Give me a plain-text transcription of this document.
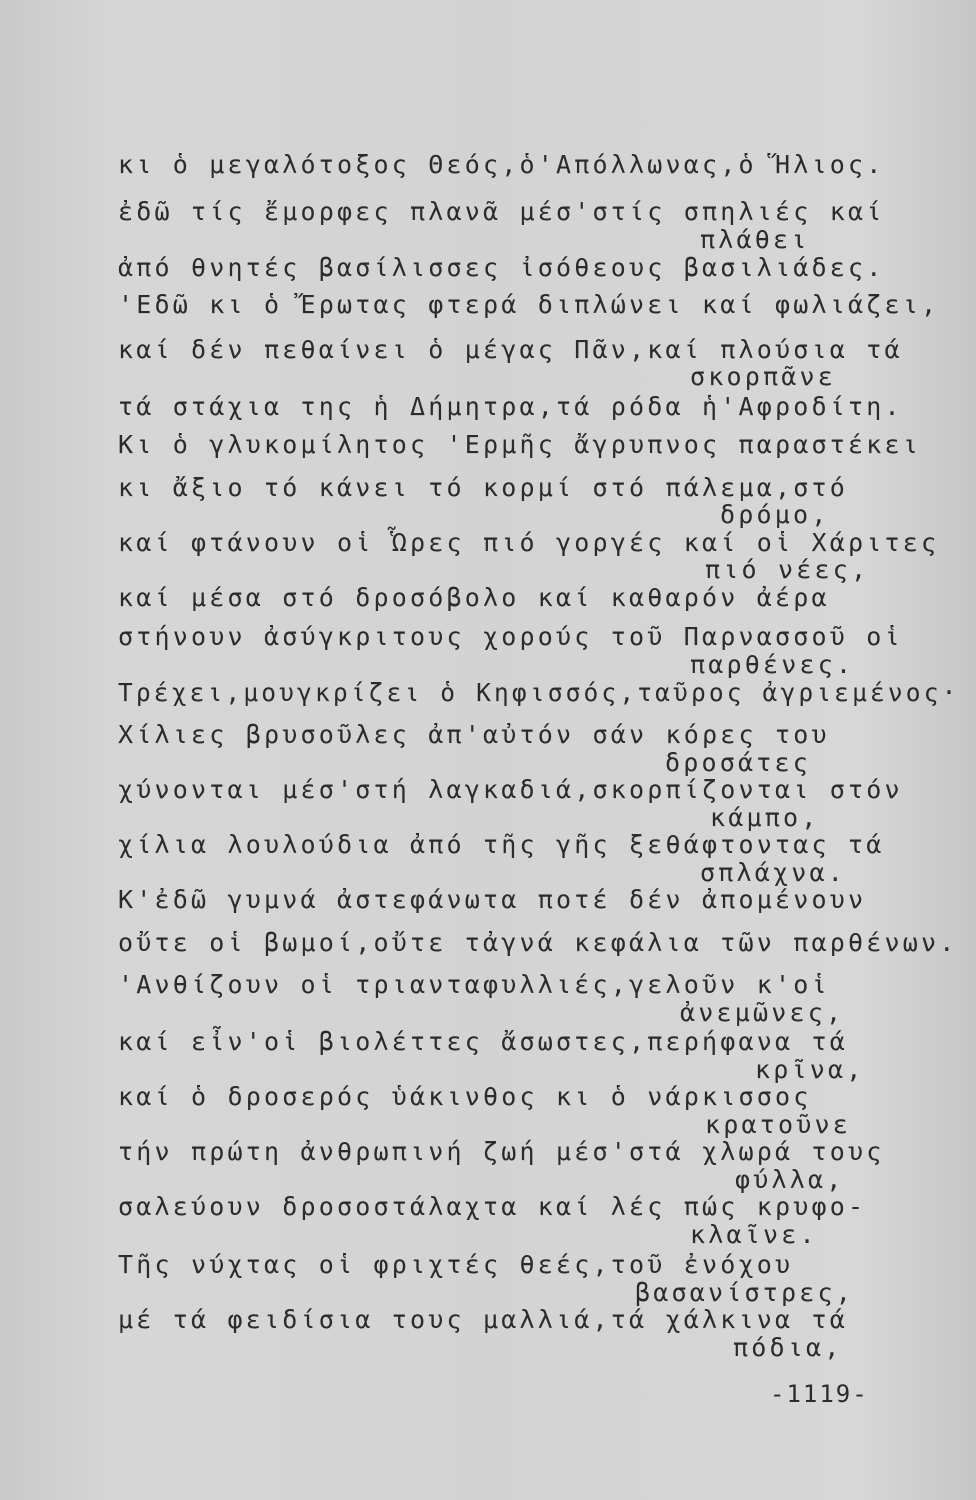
κι ὁ μεγαλότοξος Θεός,ὁ'Απόλλωνας,ὁ Ἥλιος.
ἐδῶ τίς ἔμορφες πλανᾶ μέσ'στίς σπηλιές καί
πλάθει
ἀπό θνητές βασίλισσες ἰσόθεους βασιλιάδες.
'Εδῶ κι ὁ Ἔρωτας φτερά διπλώνει καί φωλιάζει,
καί δέν πεθαίνει ὁ μέγας Πᾶν,καί πλούσια τά
σκορπᾶνε
τά στάχια της ἡ Δήμητρα,τά ρόδα ἡ'Αφροδίτη.
Κι ὁ γλυκομίλητος 'Ερμῆς ἄγρυπνος παραστέκει
κι ἄξιο τό κάνει τό κορμί στό πάλεμα,στό
δρόμο,
καί φτάνουν οἱ Ὧρες πιό γοργές καί οἱ Χάριτες
πιό νέες,
καί μέσα στό δροσόβολο καί καθαρόν ἀέρα
στήνουν ἀσύγκριτους χορούς τοῦ Παρνασσοῦ οἱ
παρθένες.
Τρέχει,μουγκρίζει ὁ Κηφισσός,ταῦρος ἀγριεμένος·
Χίλιες βρυσοῦλες ἀπ'αὐτόν σάν κόρες του
δροσάτες
χύνονται μέσ'στή λαγκαδιά,σκορπίζονται στόν
κάμπο,
χίλια λουλούδια ἀπό τῆς γῆς ξεθάφτοντας τά
σπλάχνα.
Κ'ἐδῶ γυμνά ἀστεφάνωτα ποτέ δέν ἀπομένουν
οὔτε οἱ βωμοί,οὔτε τἀγνά κεφάλια τῶν παρθένων.
'Ανθίζουν οἱ τριανταφυλλιές,γελοῦν κ'οἱ
ἀνεμῶνες,
καί εἶν'οἱ βιολέττες ἄσωστες,περήφανα τά
κρῖνα,
καί ὁ δροσερός ὑάκινθος κι ὁ νάρκισσος
κρατοῦνε
τήν πρώτη ἀνθρωπινή ζωή μέσ'στά χλωρά τους
φύλλα,
σαλεύουν δροσοστάλαχτα καί λές πώς κρυφο-
κλαῖνε.
Τῆς νύχτας οἱ φριχτές θεές,τοῦ ἐνόχου
βασανίστρες,
μέ τά φειδίσια τους μαλλιά,τά χάλκινα τά
πόδια,
-1119-
